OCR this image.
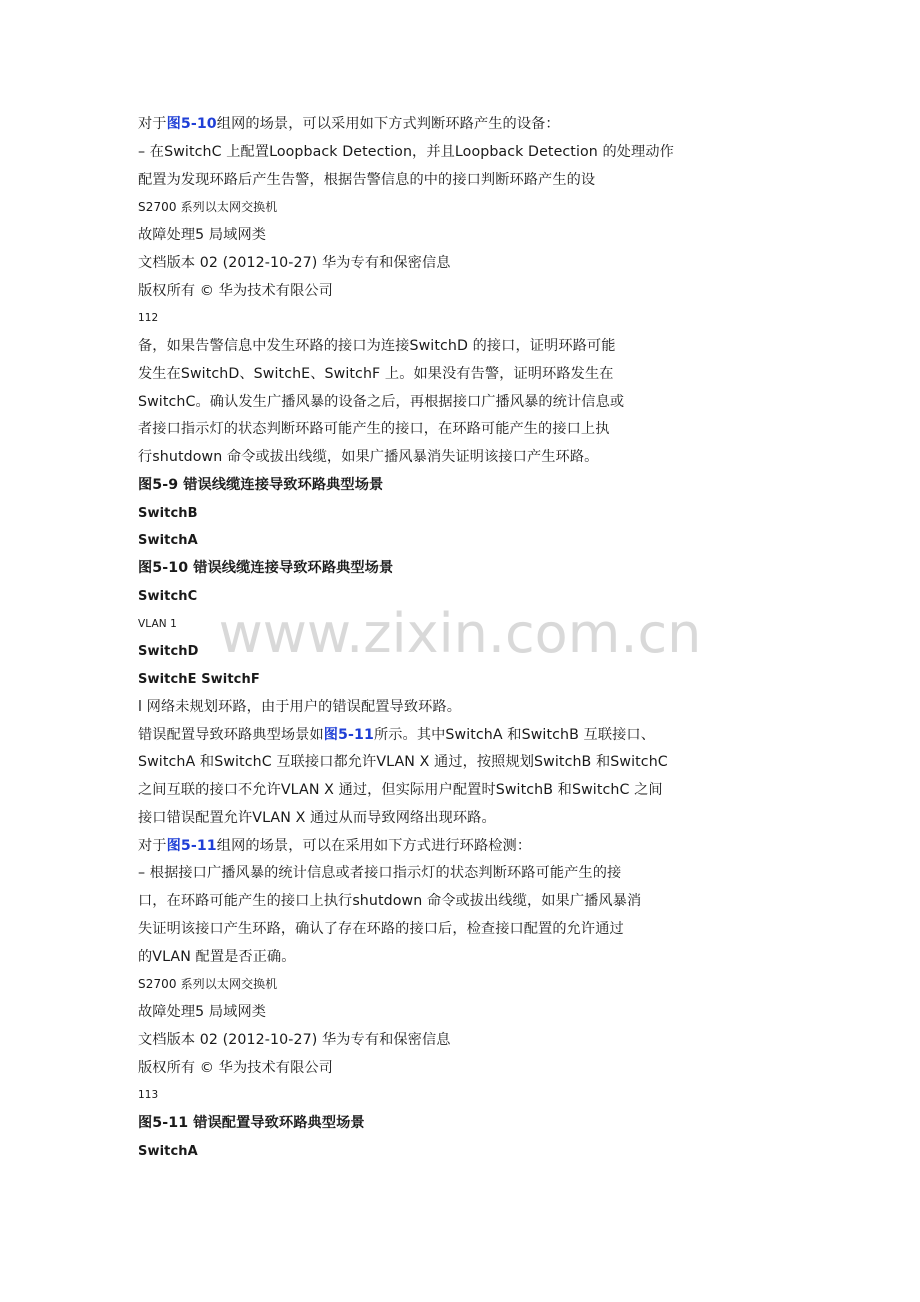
www.zixin.com.cn
对于图5-10组网的场景，可以采用如下方式判断环路产生的设备：
– 在SwitchC 上配置Loopback Detection，并且Loopback Detection 的处理动作
配置为发现环路后产生告警，根据告警信息的中的接口判断环路产生的设
S2700 系列以太网交换机
故障处理5 局域网类
文档版本 02 (2012-10-27) 华为专有和保密信息
版权所有 © 华为技术有限公司
112
备，如果告警信息中发生环路的接口为连接SwitchD 的接口，证明环路可能
发生在SwitchD、SwitchE、SwitchF 上。如果没有告警，证明环路发生在
SwitchC。确认发生广播风暴的设备之后，再根据接口广播风暴的统计信息或
者接口指示灯的状态判断环路可能产生的接口，在环路可能产生的接口上执
行shutdown 命令或拔出线缆，如果广播风暴消失证明该接口产生环路。
图5-9 错误线缆连接导致环路典型场景
SwitchB
SwitchA
图5-10 错误线缆连接导致环路典型场景
SwitchC
VLAN 1
SwitchD
SwitchE SwitchF
l 网络未规划环路，由于用户的错误配置导致环路。
错误配置导致环路典型场景如图5-11所示。其中SwitchA 和SwitchB 互联接口、
SwitchA 和SwitchC 互联接口都允许VLAN X 通过，按照规划SwitchB 和SwitchC
之间互联的接口不允许VLAN X 通过，但实际用户配置时SwitchB 和SwitchC 之间
接口错误配置允许VLAN X 通过从而导致网络出现环路。
对于图5-11组网的场景，可以在采用如下方式进行环路检测：
– 根据接口广播风暴的统计信息或者接口指示灯的状态判断环路可能产生的接
口，在环路可能产生的接口上执行shutdown 命令或拔出线缆，如果广播风暴消
失证明该接口产生环路，确认了存在环路的接口后，检查接口配置的允许通过
的VLAN 配置是否正确。
S2700 系列以太网交换机
故障处理5 局域网类
文档版本 02 (2012-10-27) 华为专有和保密信息
版权所有 © 华为技术有限公司
113
图5-11 错误配置导致环路典型场景
SwitchA
